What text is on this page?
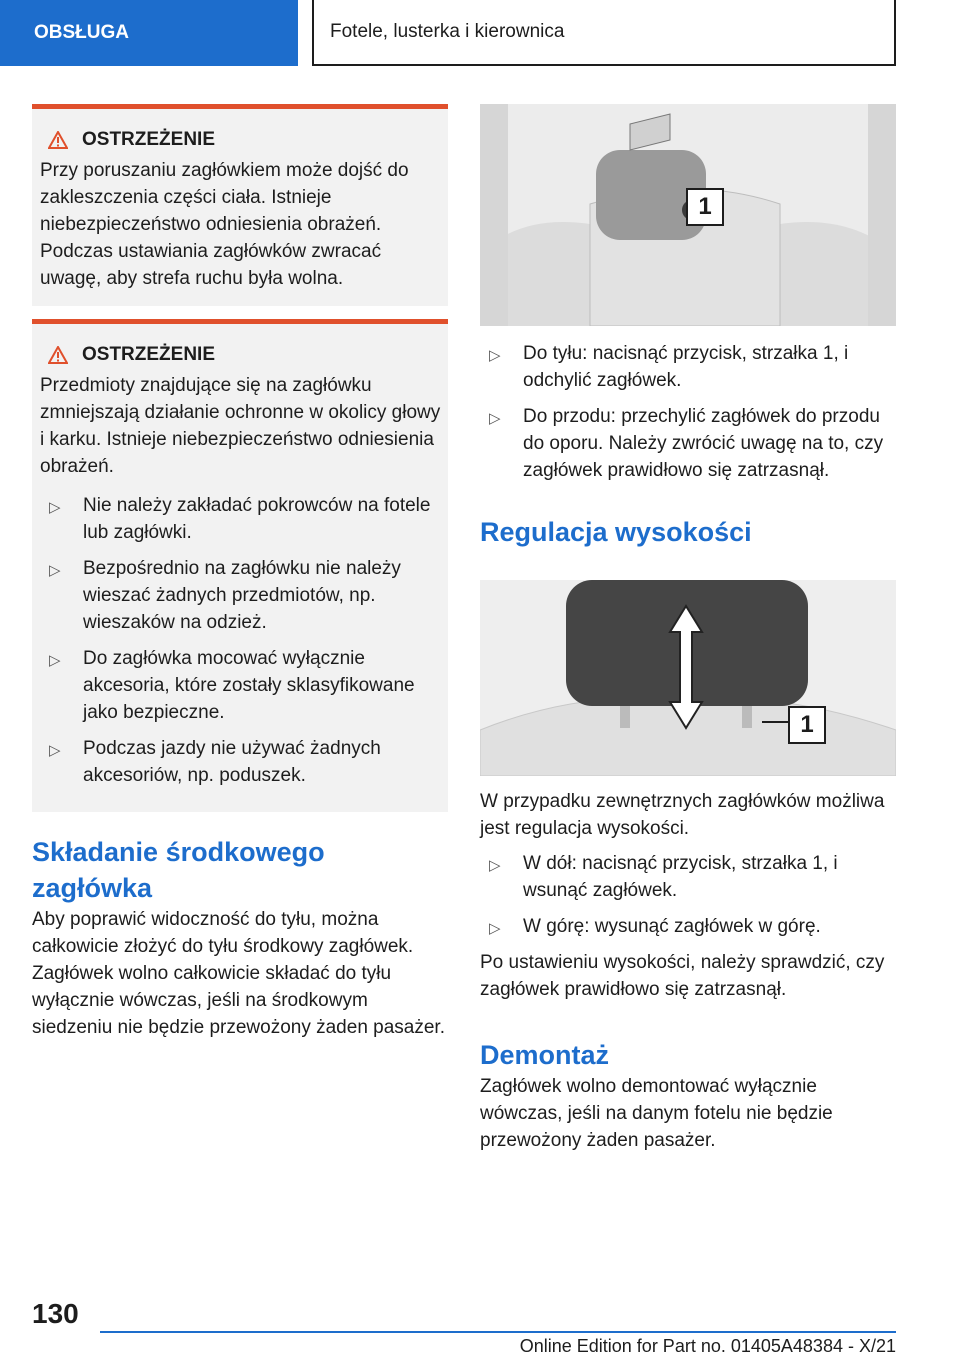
OBSŁUGA	Fotele, lusterka i kierownica
OSTRZEŻENIE

Przy poruszaniu zagłówkiem może dojść do zakleszczenia części ciała. Istnieje niebezpieczeństwo odniesienia obrażeń. Podczas ustawiania zagłówków zwracać uwagę, aby strefa ruchu była wolna.

OSTRZEŻENIE

Przedmioty znajdujące się na zagłówku zmniejszają działanie ochronne w okolicy głowy i karku. Istnieje niebezpieczeństwo odniesienia obrażeń.

▷ Nie należy zakładać pokrowców na fotele lub zagłówki.
▷ Bezpośrednio na zagłówku nie należy wieszać żadnych przedmiotów, np. wieszaków na odzież.
▷ Do zagłówka mocować wyłącznie akcesoria, które zostały sklasyfikowane jako bezpieczne.
▷ Podczas jazdy nie używać żadnych akcesoriów, np. poduszek.
Składanie środkowego zagłówka

Aby poprawić widoczność do tyłu, można całkowicie złożyć do tyłu środkowy zagłówek. Zagłówek wolno całkowicie składać do tyłu wyłącznie wówczas, jeśli na środkowym siedzeniu nie będzie przewożony żaden pasażer.

1
▷ Do tyłu: nacisnąć przycisk, strzałka 1, i odchylić zagłówek.
▷ Do przodu: przechylić zagłówek do przodu do oporu. Należy zwrócić uwagę na to, czy zagłówek prawidłowo się zatrzasnął.
Regulacja wysokości
1

W przypadku zewnętrznych zagłówków możliwa jest regulacja wysokości.

▷ W dół: nacisnąć przycisk, strzałka 1, i wsunąć zagłówek.
▷ W górę: wysunąć zagłówek w górę.

Po ustawieniu wysokości, należy sprawdzić, czy zagłówek prawidłowo się zatrzasnął.

Demontaż

Zagłówek wolno demontować wyłącznie wówczas, jeśli na danym fotelu nie będzie przewożony żaden pasażer.

130
Online Edition for Part no. 01405A48384 - X/21
